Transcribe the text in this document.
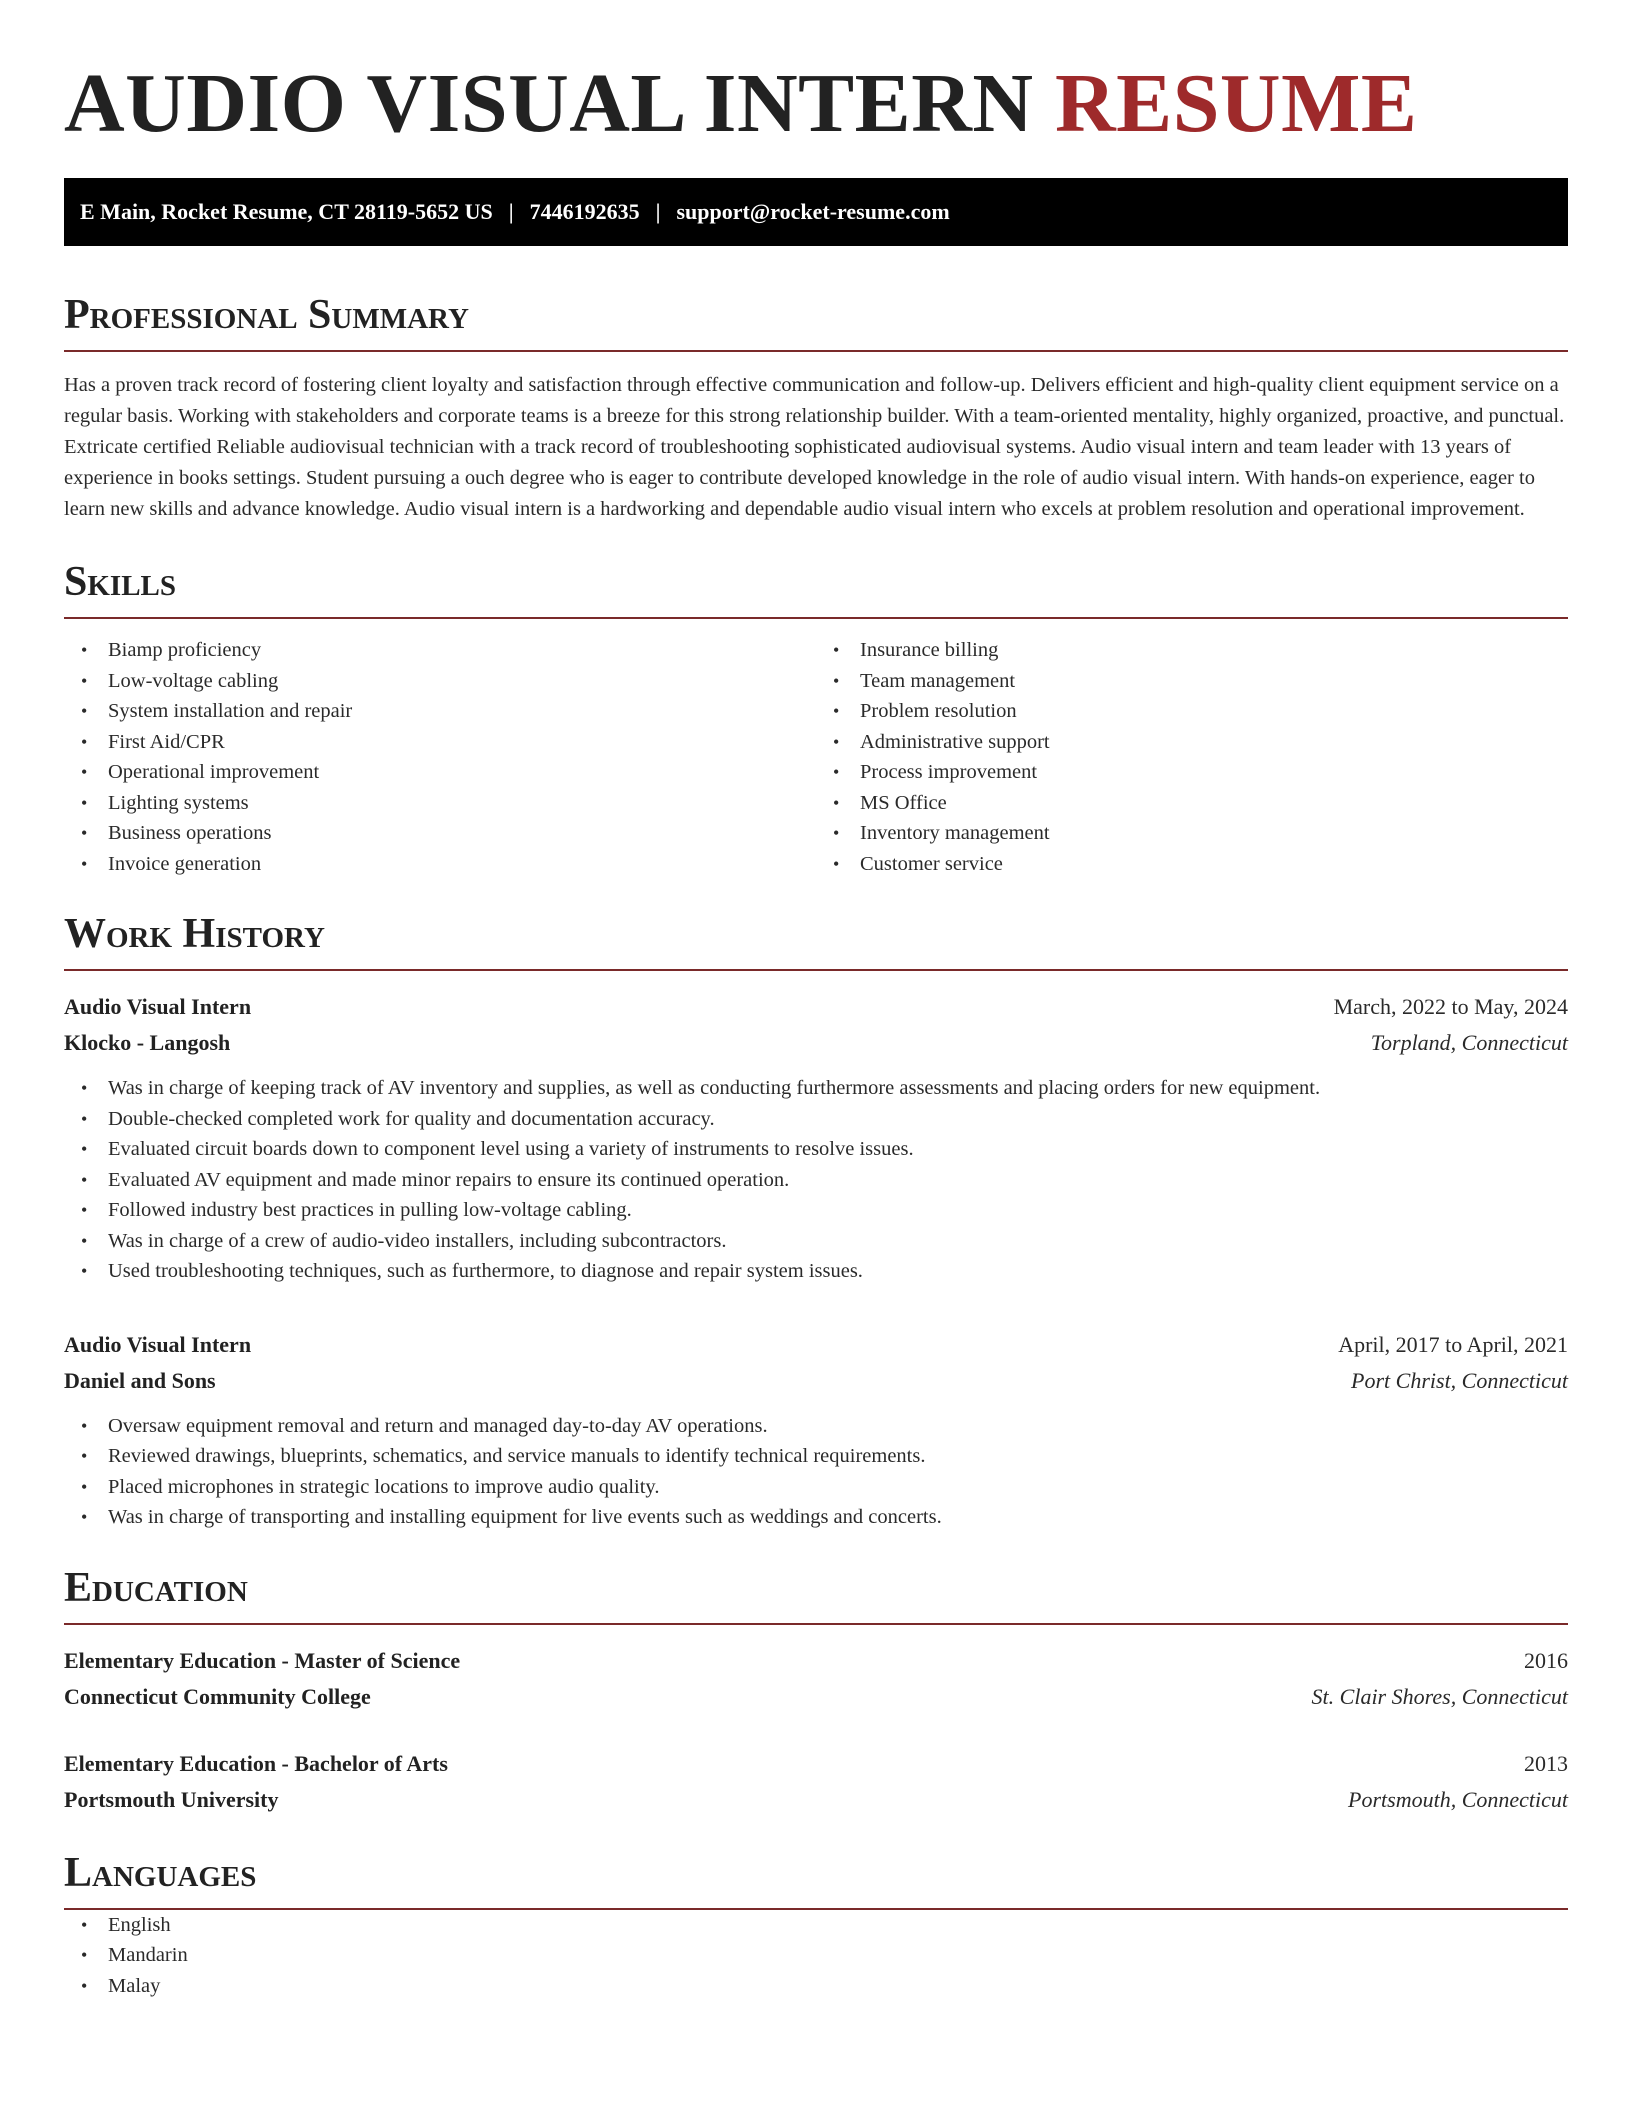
AUDIO VISUAL INTERN RESUME
E Main, Rocket Resume, CT 28119-5652 US | 7446192635 | support@rocket-resume.com
Professional Summary

Has a proven track record of fostering client loyalty and satisfaction through effective communication and follow-up. Delivers efficient and high-quality client equipment service on a regular basis. Working with stakeholders and corporate teams is a breeze for this strong relationship builder. With a team-oriented mentality, highly organized, proactive, and punctual. Extricate certified Reliable audiovisual technician with a track record of troubleshooting sophisticated audiovisual systems. Audio visual intern and team leader with 13 years of experience in books settings. Student pursuing a ouch degree who is eager to contribute developed knowledge in the role of audio visual intern. With hands-on experience, eager to learn new skills and advance knowledge. Audio visual intern is a hardworking and dependable audio visual intern who excels at problem resolution and operational improvement.

Skills
• Biamp proficiency
• Low-voltage cabling
• System installation and repair
• First Aid/CPR
• Operational improvement
• Lighting systems
• Business operations
• Invoice generation
• Insurance billing
• Team management
• Problem resolution
• Administrative support
• Process improvement
• MS Office
• Inventory management
• Customer service
Work History
Audio Visual Intern	March, 2022 to May, 2024
Klocko - Langosh	Torpland, Connecticut
• Was in charge of keeping track of AV inventory and supplies, as well as conducting furthermore assessments and placing orders for new equipment.
• Double-checked completed work for quality and documentation accuracy.
• Evaluated circuit boards down to component level using a variety of instruments to resolve issues.
• Evaluated AV equipment and made minor repairs to ensure its continued operation.
• Followed industry best practices in pulling low-voltage cabling.
• Was in charge of a crew of audio-video installers, including subcontractors.
• Used troubleshooting techniques, such as furthermore, to diagnose and repair system issues.
Audio Visual Intern	April, 2017 to April, 2021
Daniel and Sons	Port Christ, Connecticut
• Oversaw equipment removal and return and managed day-to-day AV operations.
• Reviewed drawings, blueprints, schematics, and service manuals to identify technical requirements.
• Placed microphones in strategic locations to improve audio quality.
• Was in charge of transporting and installing equipment for live events such as weddings and concerts.
Education
Elementary Education - Master of Science	2016
Connecticut Community College	St. Clair Shores, Connecticut
Elementary Education - Bachelor of Arts	2013
Portsmouth University	Portsmouth, Connecticut
Languages
• English
• Mandarin
• Malay
